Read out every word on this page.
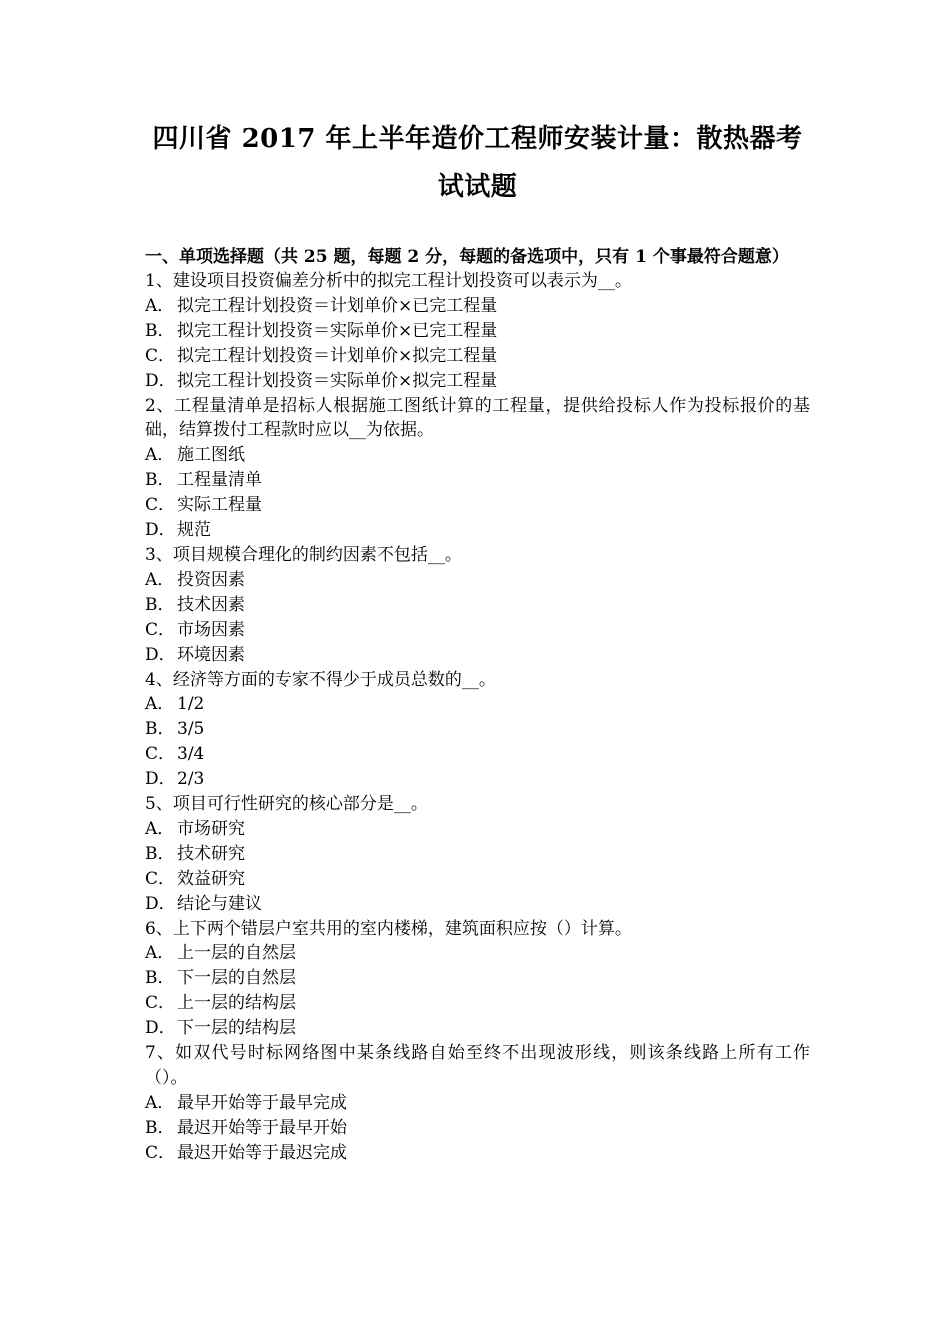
四川省 2017 年上半年造价工程师安装计量：散热器考试试题
一、单项选择题（共 25 题，每题 2 分，每题的备选项中，只有 1 个事最符合题意）

1、建设项目投资偏差分析中的拟完工程计划投资可以表示为__。

A． 拟完工程计划投资＝计划单价×已完工程量

B． 拟完工程计划投资＝实际单价×已完工程量

C． 拟完工程计划投资＝计划单价×拟完工程量

D．拟完工程计划投资＝实际单价×拟完工程量

2、工程量清单是招标人根据施工图纸计算的工程量，提供给投标人作为投标报价的基础，结算拨付工程款时应以__为依据。

A． 施工图纸

B． 工程量清单

C． 实际工程量

D．规范

3、项目规模合理化的制约因素不包括__。

A． 投资因素

B． 技术因素

C． 市场因素

D．环境因素

4、经济等方面的专家不得少于成员总数的__。

A． 1/2

B． 3/5

C． 3/4

D．2/3

5、项目可行性研究的核心部分是__。

A． 市场研究

B． 技术研究

C． 效益研究

D．结论与建议

6、上下两个错层户室共用的室内楼梯，建筑面积应按（）计算。

A． 上一层的自然层

B． 下一层的自然层

C． 上一层的结构层

D．下一层的结构层

7、如双代号时标网络图中某条线路自始至终不出现波形线，则该条线路上所有工作（）。

A． 最早开始等于最早完成

B． 最迟开始等于最早开始

C． 最迟开始等于最迟完成
